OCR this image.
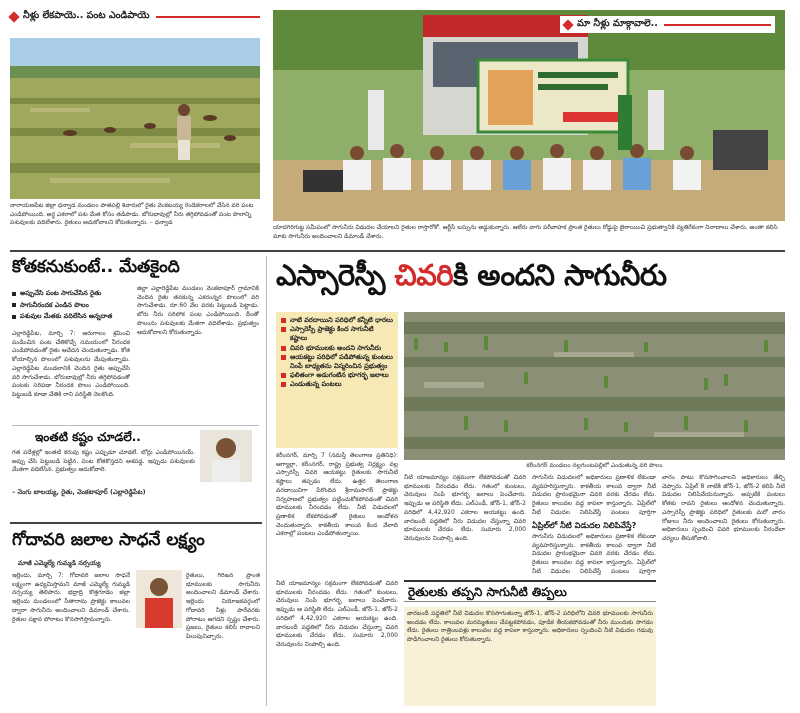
నీళ్లు లేకపాయె.. పంట ఎండిపాయె
నారాయణపేట జిల్లా ధన్వాడ మండలం పాతపల్లి శివారులో రైతు వెంకటయ్య రెండెకరాలలో వేసిన వరి పంట ఎండిపోయింది. అర్ధ ఎకరాలో పశు మేత కోసం తడిపాడు. బోరుబావుల్లో నీరు తగ్గిపోవడంతో పంట పొలాన్ని పశువులకు వదిలేశారు. రైతులు ఆదుకోవాలని కోరుతున్నారు. – ధన్వాడ
మా నీళ్లు మాక్గావాలె..
యాదగిరిగుట్ట సమీపంలో సాగునీరు విడుదల చేయాలని రైతుల రాస్తారోకో. ఆర్టీసీ బస్సును అడ్డుకున్నారు. ఆలేరు వాగు పరీవాహక ప్రాంత రైతులు రోడ్డుపై బైఠాయించి ప్రభుత్వానికి వ్యతిరేకంగా నినాదాలు చేశారు. అంతా కలిసి మాకు సాగునీరు అందించాలని డిమాండ్ చేశారు.
కోతకనుకుంటే.. మేతకైంది
అప్పుచేసి పంట సాగుచేసిన రైతు
సాగునీరందక ఎండిన పొలం
పశువుల మేతకు వదిలేసిన అన్నదాత
ఎల్లారెడ్డిపేట, మార్చి 7: ఆరుగాలం శ్రమించి పండించిన పంట చేతికొచ్చే సమయంలో నీరందక ఎండిపోవడంతో రైతు ఆవేదన చెందుతున్నాడు. కోత కోయాల్సిన పొలంలో పశువులను మేపుతున్నాడు. ఎల్లారెడ్డిపేట మండలానికి చెందిన రైతు అప్పుచేసి వరి సాగుచేశాడు. బోరుబావుల్లో నీరు తగ్గిపోవడంతో పంటకు సరిపడా నీరందక పొలం ఎండిపోయింది. పెట్టుబడి కూడా చేతికి రాని పరిస్థితి నెలకొంది.
జిల్లా ఎల్లారెడ్డిపేట మండలం వెంకటాపూర్ గ్రామానికి చెందిన రైతు తనకున్న ఎకరంన్నర పొలంలో వరి సాగుచేశాడు. రూ.60 వేల వరకు పెట్టుబడి పెట్టాడు. బోరు నీరు సరిపోక పంట ఎండిపోయింది. దీంతో పొలంను పశువులకు మేతగా వదిలేశాడు. ప్రభుత్వం ఆదుకోవాలని కోరుతున్నాడు.
ఇంతటి కష్టం చూడలే..
గత పదేళ్లల్లో ఇంతటి కరువు కష్టం ఎప్పుడూ చూడలే. బోర్లు ఎండిపోయినయ్. అప్పు చేసి పెట్టుబడి పెట్టిన. పంట కోతకొస్తదని ఆశపడ్డ. ఇప్పుడు పశువులకు మేతగా వదిలేసిన. ప్రభుత్వం ఆదుకోవాలె.
– నెంగు బాలయ్య, రైతు, వెంకటాపూర్ (ఎల్లారెడ్డిపేట)
గోదావరి జలాల సాధనే లక్ష్యం
మాజీ ఎమ్మెల్యే గుమ్మడి నర్సయ్య
ఇల్లెందు, మార్చి 7: గోదావరి జలాల సాధనే లక్ష్యంగా ఉద్యమిస్తామని మాజీ ఎమ్మెల్యే గుమ్మడి నర్సయ్య తెలిపారు. భద్రాద్రి కొత్తగూడెం జిల్లా ఇల్లెందు మండలంలో సీతారామ ప్రాజెక్టు కాలువల ద్వారా సాగునీరు అందించాలని డిమాండ్ చేశారు. రైతుల పక్షాన పోరాటం కొనసాగిస్తామన్నారు.
రైతులు, గిరిజన ప్రాంత భూములకు సాగునీరు అందించాలని డిమాండ్ చేశారు. ఇల్లెందు నియోజకవర్గంలో గోదావరి నీళ్లు పారేవరకు పోరాటం ఆగదని స్పష్టం చేశారు. ప్రజలు, రైతులు కలిసి రావాలని పిలుపునిచ్చారు.
ఎస్సారెస్పీ చివరికి అందని సాగునీరు
నాటి వరదాయిని పరిధిలో కన్నీటి ధారలు
ఎస్సారెస్పీ ప్రాజెక్టు కింద సాగునీటి కష్టాలు
చివరి భూములకు అందని సాగునీరు
ఆయకట్టు పరిధిలో పడిపోతున్న కుంటలు నింపే బాధ్యతను విస్మరించిన ప్రభుత్వం
ఫలితంగా అడుగంటిన భూగర్భ జలాలు
ఎండుతున్న పంటలు
కరీంనగర్ మండలం నల్లగుంటపల్లిలో ఎండుతున్న వరి పొలం
కరీంనగర్, మార్చి 7 (నమస్తే తెలంగాణ ప్రతినిధి): ఆగ్యాల్లా, కరీంనగర్, రాష్ట్ర ప్రభుత్వ నిర్లక్ష్యం వల్ల ఎస్సారెస్పీ చివరి ఆయకట్టు రైతులకు సాగునీటి కష్టాలు తప్పడం లేదు. ఉత్తర తెలంగాణ వరదాయినిగా పేరొందిన శ్రీరామసాగర్ ప్రాజెక్టు నిర్వహణలో ప్రభుత్వం పట్టించుకోకపోవడంతో చివరి భూములకు నీరందడం లేదు. నీటి విడుదలలో ప్రణాళిక లేకపోవడంతో రైతులు ఆందోళన చెందుతున్నారు. కాకతీయ కాలువ కింద వేలాది ఎకరాల్లో పంటలు ఎండిపోతున్నాయి.
నీటి యాజమాన్యం సక్రమంగా లేకపోవడంతో చివరి భూములకు నీరందడం లేదు. గతంలో కుంటలు, చెరువులు నింపి భూగర్భ జలాలు పెంచేవారు. ఇప్పుడు ఆ పరిస్థితి లేదు. ఎల్ఎండీ, జోన్-1, జోన్-2 పరిధిలో 4,42,920 ఎకరాల ఆయకట్టు ఉంది. వారబందీ పద్ధతిలో నీరు విడుదల చేస్తున్నా చివరి భూములకు చేరడం లేదు. సుమారు 2,000 చెరువులను నింపాల్సి ఉంది.
సాగునీరు విడుదలలో అధికారులు ప్రణాళిక లేకుండా వ్యవహరిస్తున్నారు. కాకతీయ కాలువ ద్వారా నీటి విడుదల ప్రారంభమైనా చివరి వరకు చేరడం లేదు. రైతులు కాలువల వద్ద కాపలా కాస్తున్నారు. ఏప్రిల్‌లో నీటి విడుదల నిలిపివేస్తే పంటలు పూర్తిగా
ఏప్రిల్‌లో నీటి విడుదల నిలిపివేస్తే?
సాగునీరు విడుదలలో అధికారులు ప్రణాళిక లేకుండా వ్యవహరిస్తున్నారు. కాకతీయ కాలువ ద్వారా నీటి విడుదల ప్రారంభమైనా చివరి వరకు చేరడం లేదు. రైతులు కాలువల వద్ద కాపలా కాస్తున్నారు. ఏప్రిల్‌లో నీటి విడుదల నిలిపివేస్తే పంటలు పూర్తిగా
వారం పాటు కొనసాగించాలని అధికారులు తేల్చి చెప్పారు. ఏప్రిల్ 8 నాటికి జోన్-1, జోన్-2 కలిపి నీటి విడుదల నిలిపివేయనున్నారు. అప్పటికి పంటలు కోతకు రావని రైతులు ఆందోళన చెందుతున్నారు. ఎస్సారెస్పీ ప్రాజెక్టు పరిధిలో రైతులకు మరో వారం రోజులు నీరు అందించాలని రైతులు కోరుతున్నారు. అధికారులు స్పందించి చివరి భూములకు నీరందేలా చర్యలు తీసుకోవాలి.
రైతులకు తప్పని సాగునీటి తిప్పలు
నీటి యాజమాన్యం సక్రమంగా లేకపోవడంతో చివరి భూములకు నీరందడం లేదు. గతంలో కుంటలు, చెరువులు నింపి భూగర్భ జలాలు పెంచేవారు. ఇప్పుడు ఆ పరిస్థితి లేదు. ఎల్ఎండీ, జోన్-1, జోన్-2 పరిధిలో 4,42,920 ఎకరాల ఆయకట్టు ఉంది. వారబందీ పద్ధతిలో నీరు విడుదల చేస్తున్నా చివరి భూములకు చేరడం లేదు. సుమారు 2,000 చెరువులను నింపాల్సి ఉంది.
వారబందీ పద్ధతిలో నీటి విడుదల కొనసాగుతున్నా జోన్-1, జోన్-2 పరిధిలోని చివరి భూములకు సాగునీరు అందడం లేదు. కాలువల మరమ్మతులు చేపట్టకపోవడం, పూడిక తీయకపోవడంతో నీరు ముందుకు సాగడం లేదు. రైతులు రాత్రింబవళ్లు కాలువల వద్ద కాపలా కాస్తున్నారు. అధికారులు స్పందించి నీటి విడుదల గడువు పొడిగించాలని రైతులు కోరుతున్నారు.
